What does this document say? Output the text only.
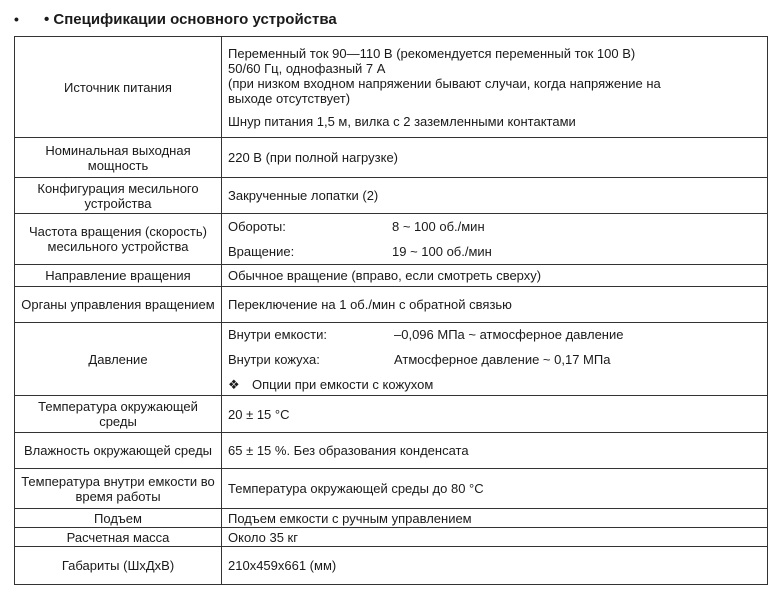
•	• Спецификации основного устройства
Источник питания	Переменный ток 90—110 В (рекомендуется переменный ток 100 В)
50/60 Гц, однофазный 7 А
(при низком входном напряжении бывают случаи, когда напряжение на
выходе отсутствует)
Шнур питания 1,5 м, вилка с 2 заземленными контактами

Номинальная выходная мощность	220 В (при полной нагрузке)
Конфигурация месильного устройства	Закрученные лопатки (2)
Частота вращения (скорость) месильного устройства	Обороты: 8 ~ 100 об./мин
Вращение: 19 ~ 100 об./мин

Направление вращения	Обычное вращение (вправо, если смотреть сверху)
Органы управления вращением	Переключение на 1 об./мин с обратной связью
Давление	Внутри емкости: –0,096 МПа ~ атмосферное давление
Внутри кожуха: Атмосферное давление ~ 0,17 МПа
❖ Опции при емкости с кожухом

Температура окружающей среды	20 ± 15 °C
Влажность окружающей среды	65 ± 15 %. Без образования конденсата
Температура внутри емкости во время работы	Температура окружающей среды до 80 °C
Подъем	Подъем емкости с ручным управлением
Расчетная масса	Около 35 кг
Габариты (ШхДхВ)	210x459x661 (мм)
